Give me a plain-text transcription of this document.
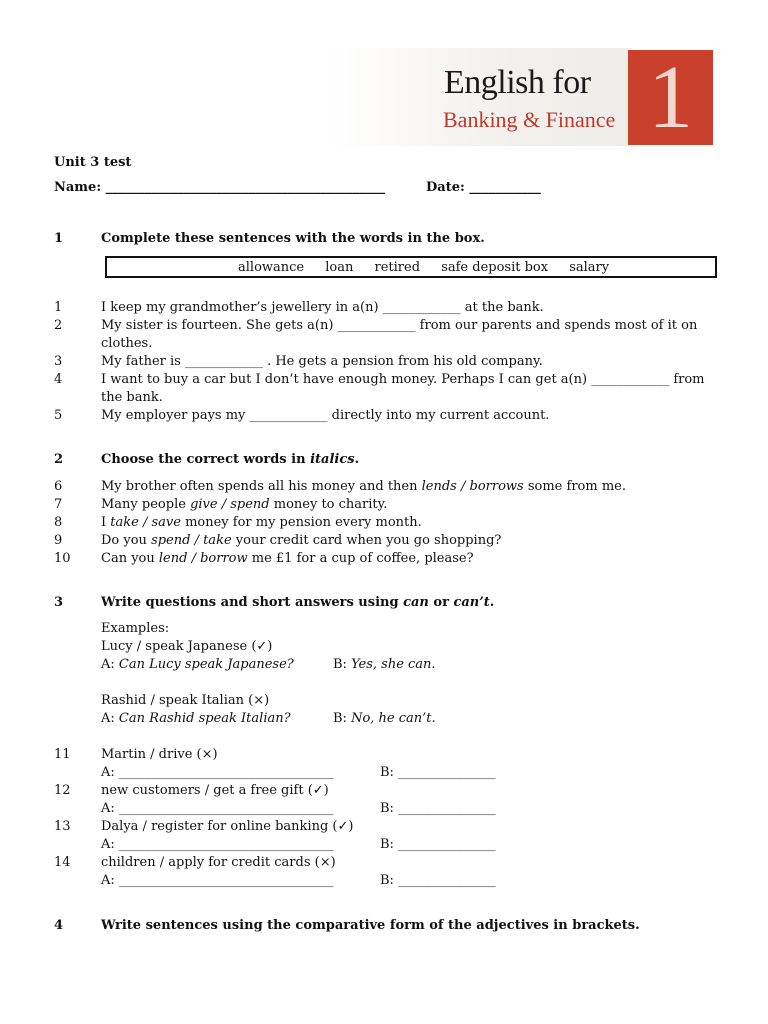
English for
Banking & Finance 1
Unit 3 test
Name: ___________________________________________	Date: ___________
1	Complete these sentences with the words in the box.
allowance loan retired safe deposit box salary
1	I keep my grandmother’s jewellery in a(n) ____________ at the bank.
2	My sister is fourteen. She gets a(n) ____________ from our parents and spends most of it on
clothes.
3	My father is ____________ . He gets a pension from his old company.
4	I want to buy a car but I don’t have enough money. Perhaps I can get a(n) ____________ from
the bank.
5	My employer pays my ____________ directly into my current account.
2	Choose the correct words in italics.
6	My brother often spends all his money and then lends / borrows some from me.
7	Many people give / spend money to charity.
8	I take / save money for my pension every month.
9	Do you spend / take your credit card when you go shopping?
10 Can you lend / borrow me £1 for a cup of coffee, please?
3	Write questions and short answers using can or can’t.
Examples:
Lucy / speak Japanese (✓)
A: Can Lucy speak Japanese?	B: Yes, she can.
Rashid / speak Italian (×)
A: Can Rashid speak Italian?	B: No, he can’t.
11 Martin / drive (×)
A: _________________________________	B: _______________
12 new customers / get a free gift (✓)
A: _________________________________	B: _______________
13 Dalya / register for online banking (✓)
A: _________________________________	B: _______________
14 children / apply for credit cards (×)
A: _________________________________	B: _______________
4	Write sentences using the comparative form of the adjectives in brackets.
